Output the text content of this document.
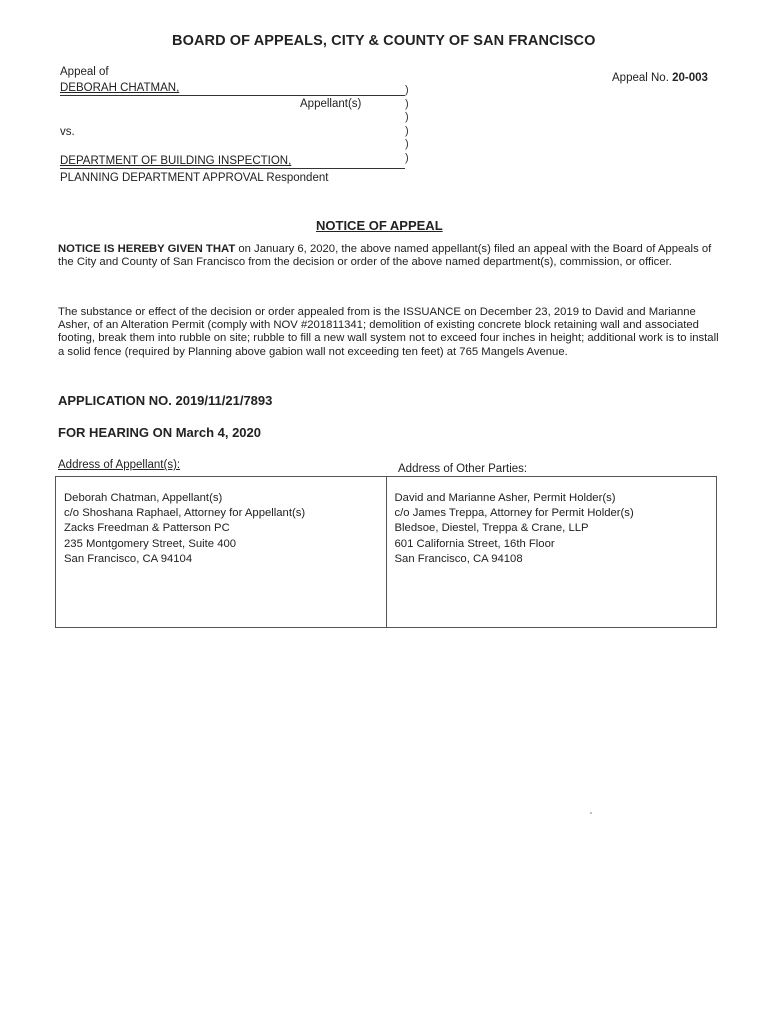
BOARD OF APPEALS, CITY & COUNTY OF SAN FRANCISCO
Appeal of
DEBORAH CHATMAN,
Appellant(s)
vs.
DEPARTMENT OF BUILDING INSPECTION,
PLANNING DEPARTMENT APPROVAL Respondent
)
)
)
)
)
)
Appeal No. 20-003
NOTICE OF APPEAL
NOTICE IS HEREBY GIVEN THAT on January 6, 2020, the above named appellant(s) filed an appeal with the Board of Appeals of the City and County of San Francisco from the decision or order of the above named department(s), commission, or officer.
The substance or effect of the decision or order appealed from is the ISSUANCE on December 23, 2019 to David and Marianne Asher, of an Alteration Permit (comply with NOV #201811341; demolition of existing concrete block retaining wall and associated footing, break them into rubble on site; rubble to fill a new wall system not to exceed four inches in height; additional work is to install a solid fence (required by Planning above gabion wall not exceeding ten feet) at 765 Mangels Avenue.
APPLICATION NO. 2019/11/21/7893
FOR HEARING ON March 4, 2020
Address of Appellant(s):	Address of Other Parties:
Deborah Chatman, Appellant(s)
c/o Shoshana Raphael, Attorney for Appellant(s)
Zacks Freedman & Patterson PC
235 Montgomery Street, Suite 400
San Francisco, CA 94104
David and Marianne Asher, Permit Holder(s)
c/o James Treppa, Attorney for Permit Holder(s)
Bledsoe, Diestel, Treppa & Crane, LLP
601 California Street, 16th Floor
San Francisco, CA 94108
